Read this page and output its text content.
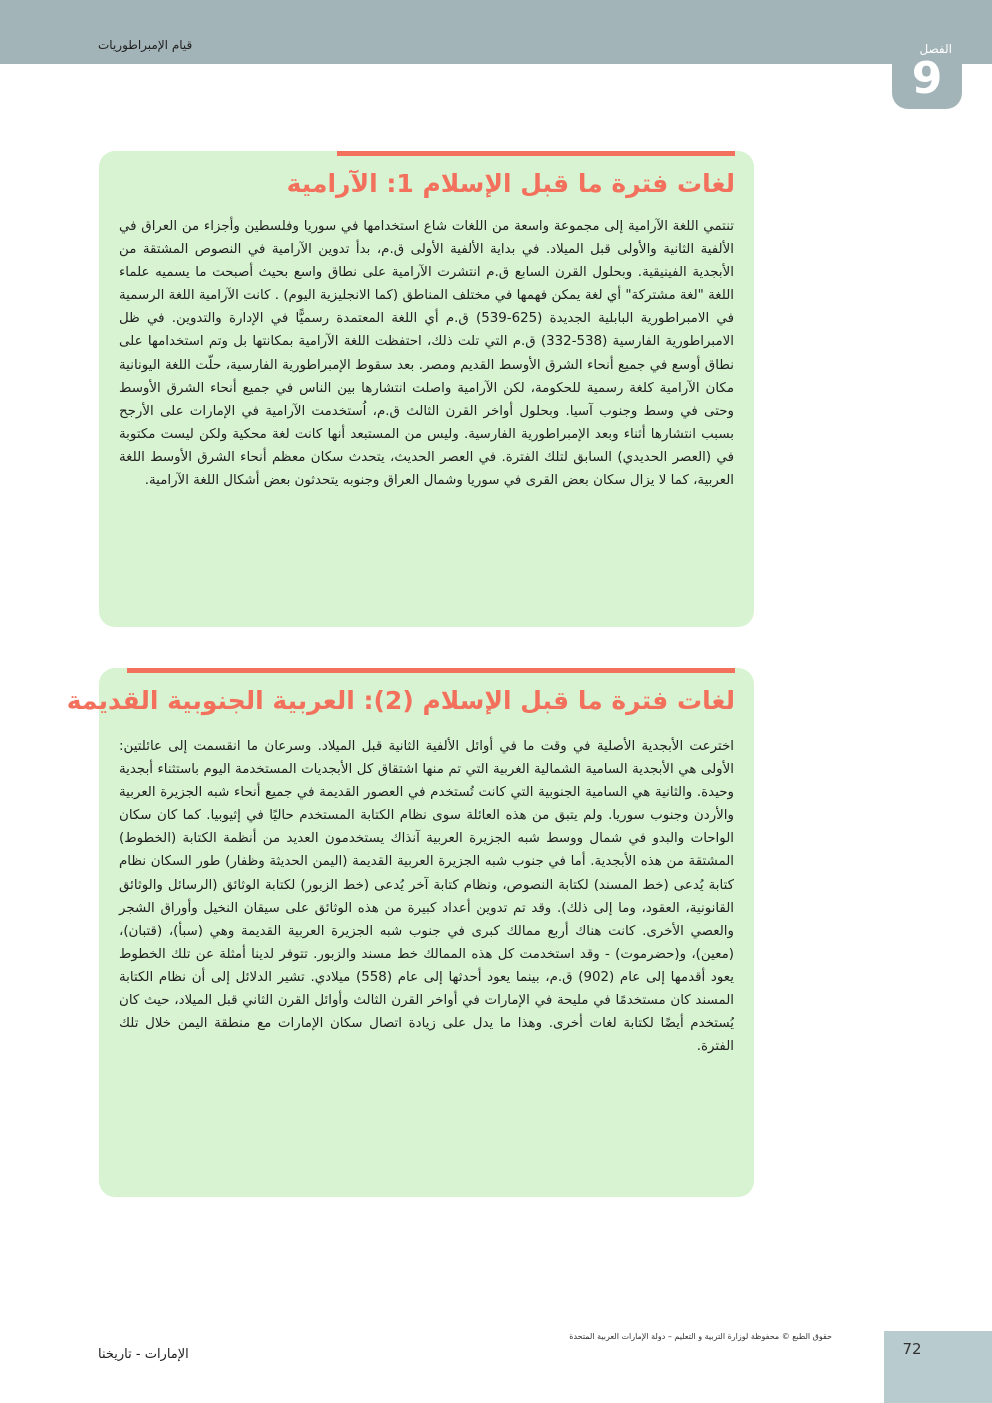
قيام الإمبراطوريات	الفصل
9
لغات فترة ما قبل الإسلام 1: الآرامية
تنتمي اللغة الآرامية إلى مجموعة واسعة من اللغات شاع استخدامها في سوريا وفلسطين وأجزاء من العراق في الألفية الثانية والأولى قبل الميلاد. في بداية الألفية الأولى ق.م، بدأ تدوين الآرامية في النصوص المشتقة من الأبجدية الفينيقية. وبحلول القرن السابع ق.م انتشرت الآرامية على نطاق واسع بحيث أصبحت ما يسميه علماء اللغة "لغة مشتركة" أي لغة يمكن فهمها في مختلف المناطق (كما الانجليزية اليوم) . كانت الآرامية اللغة الرسمية في الامبراطورية البابلية الجديدة (625-539) ق.م أي اللغة المعتمدة رسميًّا في الإدارة والتدوين. في ظل الامبراطورية الفارسية (538-332) ق.م التي تلت ذلك، احتفظت اللغة الآرامية بمكانتها بل وتم استخدامها على نطاق أوسع في جميع أنحاء الشرق الأوسط القديم ومصر. بعد سقوط الإمبراطورية الفارسية، حلّت اللغة اليونانية مكان الآرامية كلغة رسمية للحكومة، لكن الآرامية واصلت انتشارها بين الناس في جميع أنحاء الشرق الأوسط وحتى في وسط وجنوب آسيا. وبحلول أواخر القرن الثالث ق.م، اُستخدمت الآرامية في الإمارات على الأرجح بسبب انتشارها أثناء وبعد الإمبراطورية الفارسية. وليس من المستبعد أنها كانت لغة محكية ولكن ليست مكتوبة في (العصر الحديدي) السابق لتلك الفترة. في العصر الحديث، يتحدث سكان معظم أنحاء الشرق الأوسط اللغة العربية، كما لا يزال سكان بعض القرى في سوريا وشمال العراق وجنوبه يتحدثون بعض أشكال اللغة الآرامية.
لغات فترة ما قبل الإسلام (2): العربية الجنوبية القديمة
اخترعت الأبجدية الأصلية في وقت ما في أوائل الألفية الثانية قبل الميلاد. وسرعان ما انقسمت إلى عائلتين: الأولى هي الأبجدية السامية الشمالية الغربية التي تم منها اشتقاق كل الأبجديات المستخدمة اليوم باستثناء أبجدية وحيدة. والثانية هي السامية الجنوبية التي كانت تُستخدم في العصور القديمة في جميع أنحاء شبه الجزيرة العربية والأردن وجنوب سوريا. ولم يتبق من هذه العائلة سوى نظام الكتابة المستخدم حاليًا في إثيوبيا. كما كان سكان الواحات والبدو في شمال ووسط شبه الجزيرة العربية آنذاك يستخدمون العديد من أنظمة الكتابة (الخطوط) المشتقة من هذه الأبجدية. أما في جنوب شبه الجزيرة العربية القديمة (اليمن الحديثة وظفار) طور السكان نظام كتابة يُدعى (خط المسند) لكتابة النصوص، ونظام كتابة آخر يُدعى (خط الزبور) لكتابة الوثائق (الرسائل والوثائق القانونية، العقود، وما إلى ذلك). وقد تم تدوين أعداد كبيرة من هذه الوثائق على سيقان النخيل وأوراق الشجر والعصي الأخرى. كانت هناك أربع ممالك كبرى في جنوب شبه الجزيرة العربية القديمة وهي (سبأ)، (قتبان)، (معين)، و(حضرموت) - وقد استخدمت كل هذه الممالك خط مسند والزبور. تتوفر لدينا أمثلة عن تلك الخطوط يعود أقدمها إلى عام (902) ق.م، بينما يعود أحدثها إلى عام (558) ميلادي. تشير الدلائل إلى أن نظام الكتابة المسند كان مستخدمًا في مليحة في الإمارات في أواخر القرن الثالث وأوائل القرن الثاني قبل الميلاد، حيث كان يُستخدم أيضًا لكتابة لغات أخرى. وهذا ما يدل على زيادة اتصال سكان الإمارات مع منطقة اليمن خلال تلك الفترة.
حقوق الطبع © محفوظة لوزارة التربية و التعليم – دولة الإمارات العربية المتحدة
الإمارات - تاريخنا	72
